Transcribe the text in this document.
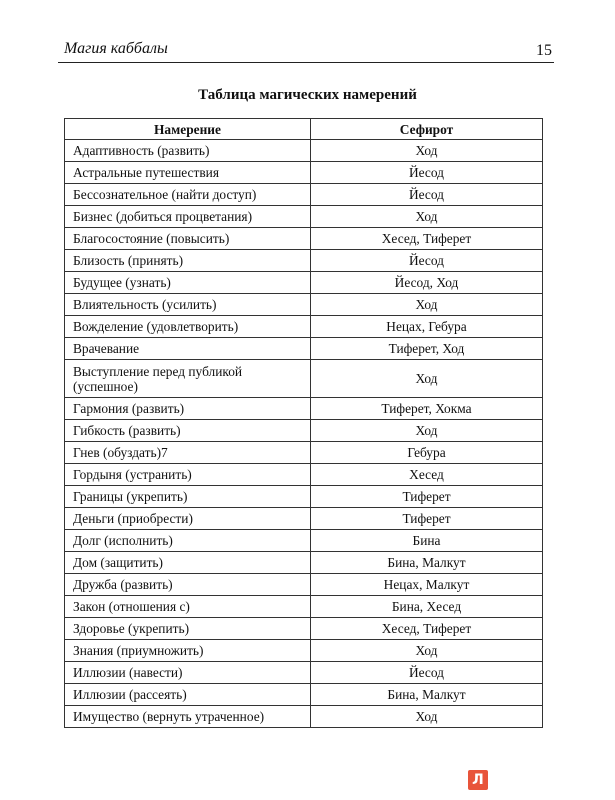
Магия каббалы	15
Таблица магических намерений
Намерение	Сефирот
Адаптивность (развить)	Ход
Астральные путешествия	Йесод
Бессознательное (найти доступ)	Йесод
Бизнес (добиться процветания)	Ход
Благосостояние (повысить)	Хесед, Тиферет
Близость (принять)	Йесод
Будущее (узнать)	Йесод, Ход
Влиятельность (усилить)	Ход
Вожделение (удовлетворить)	Нецах, Гебура
Врачевание	Тиферет, Ход
Выступление перед публикой (успешное)	Ход
Гармония (развить)	Тиферет, Хокма
Гибкость (развить)	Ход
Гнев (обуздать)7	Гебура
Гордыня (устранить)	Хесед
Границы (укрепить)	Тиферет
Деньги (приобрести)	Тиферет
Долг (исполнить)	Бина
Дом (защитить)	Бина, Малкут
Дружба (развить)	Нецах, Малкут
Закон (отношения с)	Бина, Хесед
Здоровье (укрепить)	Хесед, Тиферет
Знания (приумножить)	Ход
Иллюзии (навести)	Йесод
Иллюзии (рассеять)	Бина, Малкут
Имущество (вернуть утраченное)	Ход
Л
